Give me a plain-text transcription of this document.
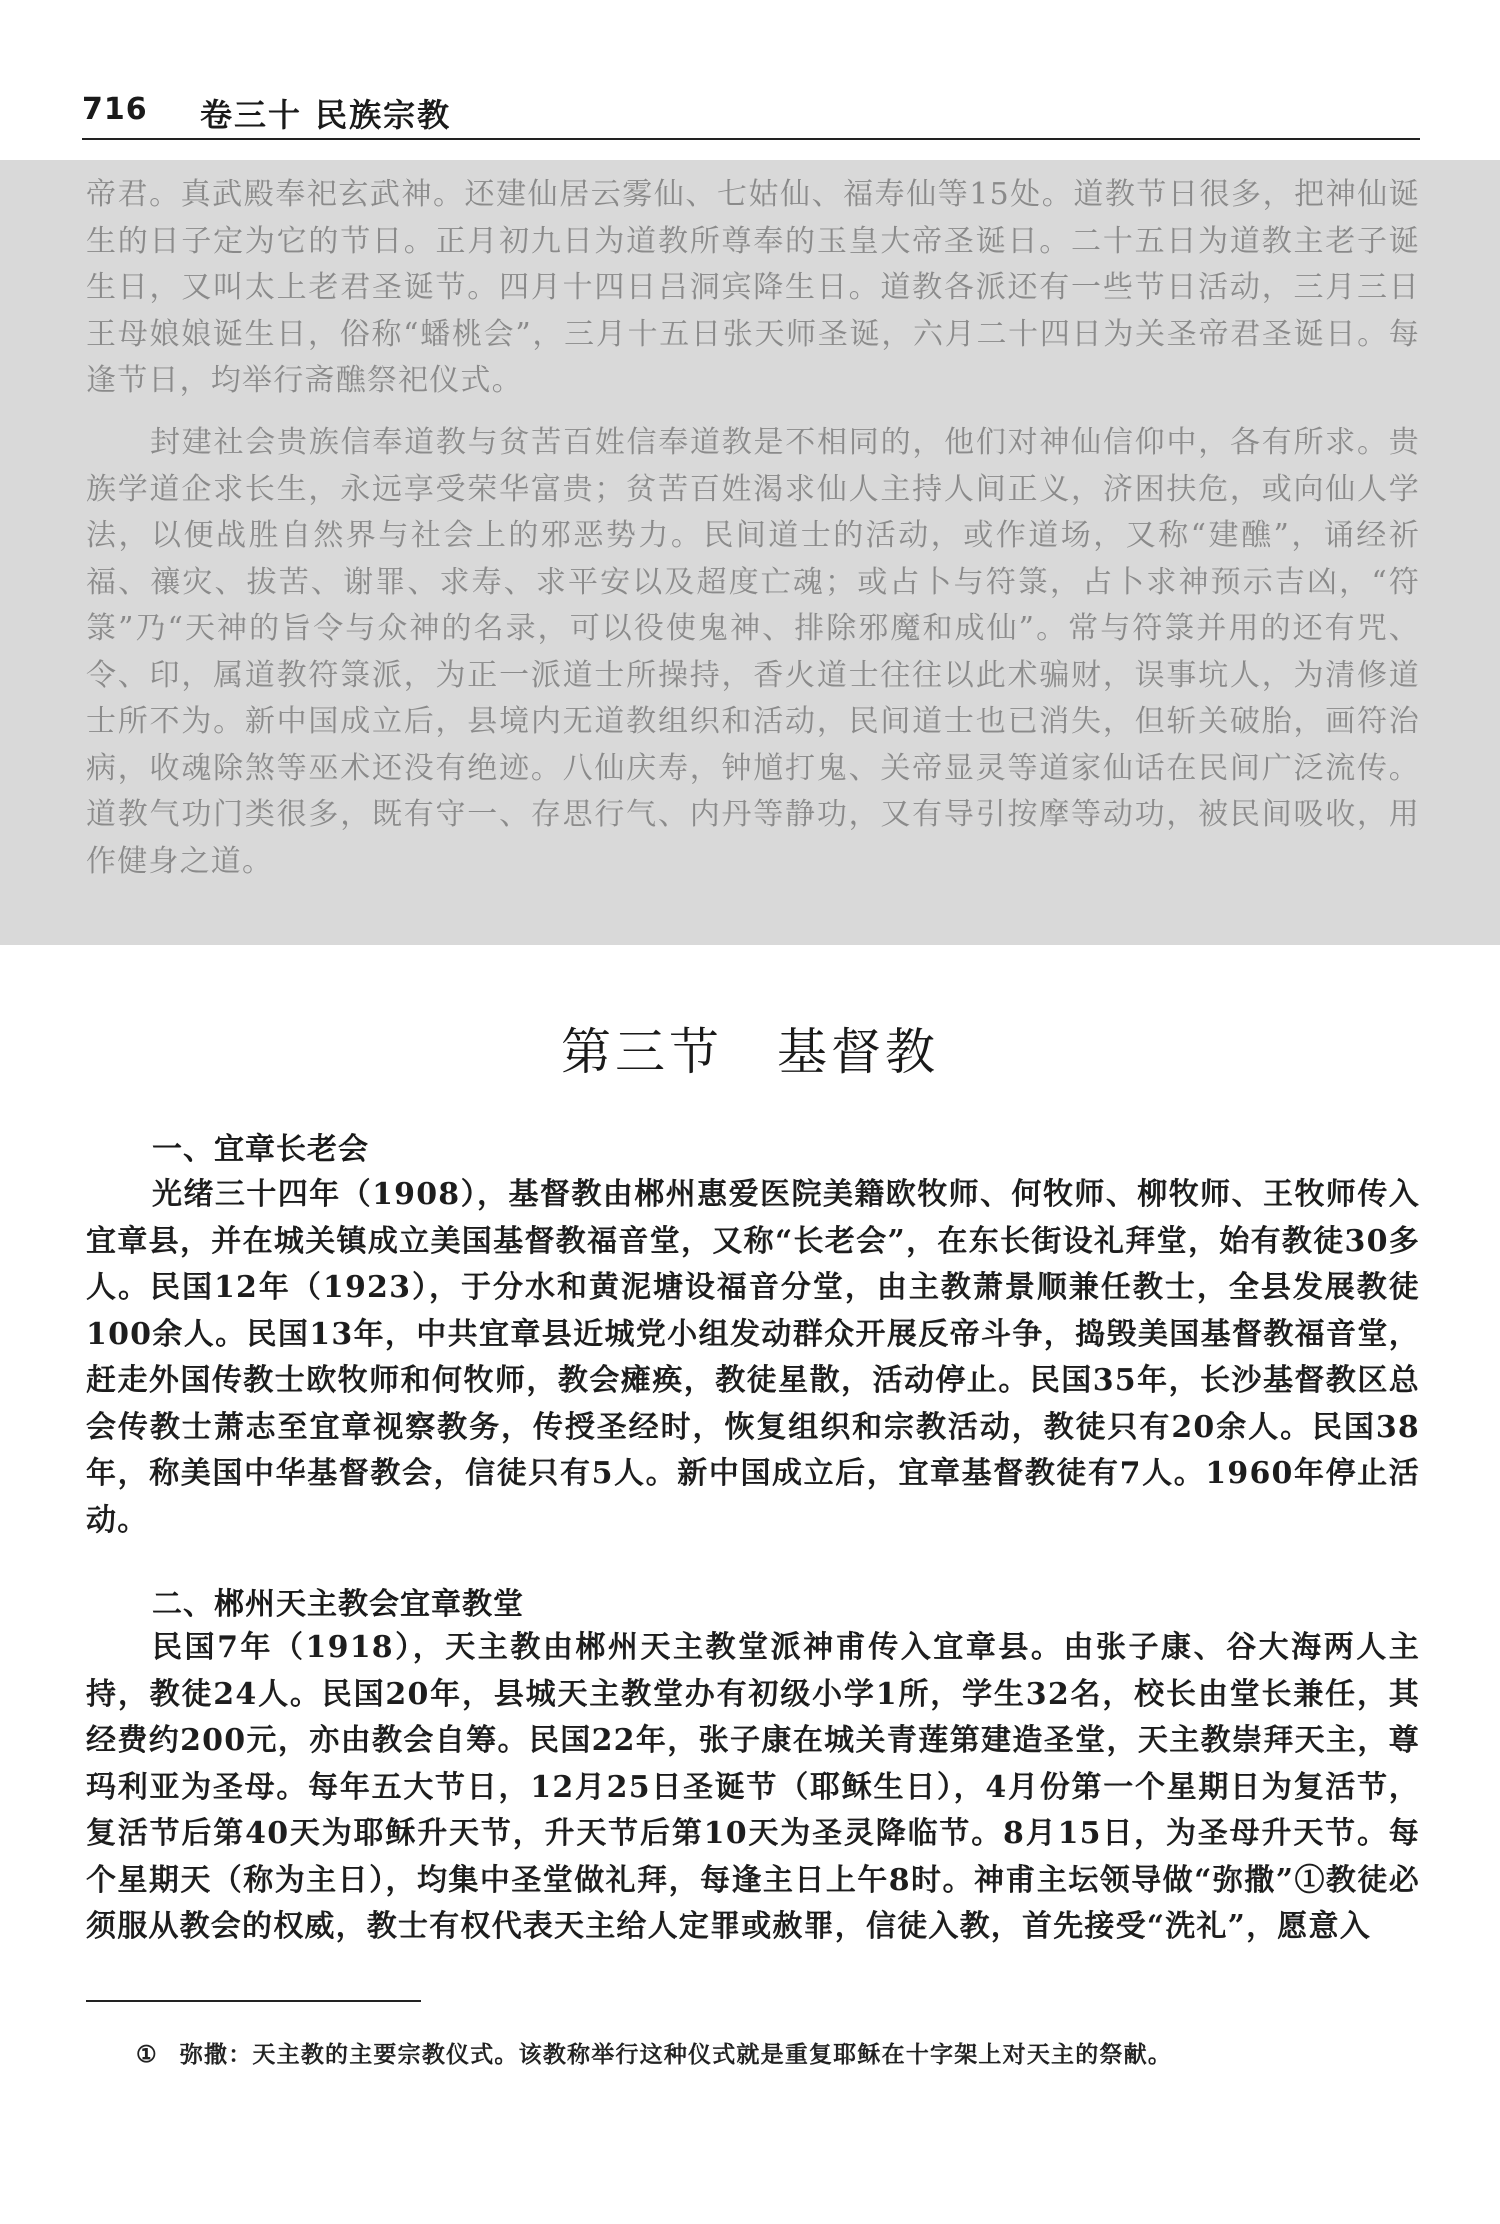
716 卷三十 民族宗教

帝君。真武殿奉祀玄武神。还建仙居云雾仙、七姑仙、福寿仙等15处。道教节日很多，把神仙诞生的日子定为它的节日。正月初九日为道教所尊奉的玉皇大帝圣诞日。二十五日为道教主老子诞生日，又叫太上老君圣诞节。四月十四日吕洞宾降生日。道教各派还有一些节日活动，三月三日王母娘娘诞生日，俗称“蟠桃会”，三月十五日张天师圣诞，六月二十四日为关圣帝君圣诞日。每逢节日，均举行斋醮祭祀仪式。

封建社会贵族信奉道教与贫苦百姓信奉道教是不相同的，他们对神仙信仰中，各有所求。贵族学道企求长生，永远享受荣华富贵；贫苦百姓渴求仙人主持人间正义，济困扶危，或向仙人学法，以便战胜自然界与社会上的邪恶势力。民间道士的活动，或作道场，又称“建醮”，诵经祈福、禳灾、拔苦、谢罪、求寿、求平安以及超度亡魂；或占卜与符箓，占卜求神预示吉凶，“符箓”乃“天神的旨令与众神的名录，可以役使鬼神、排除邪魔和成仙”。常与符箓并用的还有咒、令、印，属道教符箓派，为正一派道士所操持，香火道士往往以此术骗财，误事坑人，为清修道士所不为。新中国成立后，县境内无道教组织和活动，民间道士也已消失，但斩关破胎，画符治病，收魂除煞等巫术还没有绝迹。八仙庆寿，钟馗打鬼、关帝显灵等道家仙话在民间广泛流传。道教气功门类很多，既有守一、存思行气、内丹等静功，又有导引按摩等动功，被民间吸收，用作健身之道。

第三节　基督教
一、宜章长老会

光绪三十四年（1908），基督教由郴州惠爱医院美籍欧牧师、何牧师、柳牧师、王牧师传入宜章县，并在城关镇成立美国基督教福音堂，又称“长老会”，在东长街设礼拜堂，始有教徒30多人。民国12年（1923），于分水和黄泥塘设福音分堂，由主教萧景顺兼任教士，全县发展教徒100余人。民国13年，中共宜章县近城党小组发动群众开展反帝斗争，捣毁美国基督教福音堂，赶走外国传教士欧牧师和何牧师，教会瘫痪，教徒星散，活动停止。民国35年，长沙基督教区总会传教士萧志至宜章视察教务，传授圣经时，恢复组织和宗教活动，教徒只有20余人。民国38年，称美国中华基督教会，信徒只有5人。新中国成立后，宜章基督教徒有7人。1960年停止活动。

二、郴州天主教会宜章教堂

民国7年（1918），天主教由郴州天主教堂派神甫传入宜章县。由张子康、谷大海两人主持，教徒24人。民国20年，县城天主教堂办有初级小学1所，学生32名，校长由堂长兼任，其经费约200元，亦由教会自筹。民国22年，张子康在城关青莲第建造圣堂，天主教崇拜天主，尊玛利亚为圣母。每年五大节日，12月25日圣诞节（耶稣生日），4月份第一个星期日为复活节，复活节后第40天为耶稣升天节，升天节后第10天为圣灵降临节。8月15日，为圣母升天节。每个星期天（称为主日），均集中圣堂做礼拜，每逢主日上午8时。神甫主坛领导做“弥撒”①教徒必须服从教会的权威，教士有权代表天主给人定罪或赦罪，信徒入教，首先接受“洗礼”，愿意入

① 弥撒：天主教的主要宗教仪式。该教称举行这种仪式就是重复耶稣在十字架上对天主的祭献。
